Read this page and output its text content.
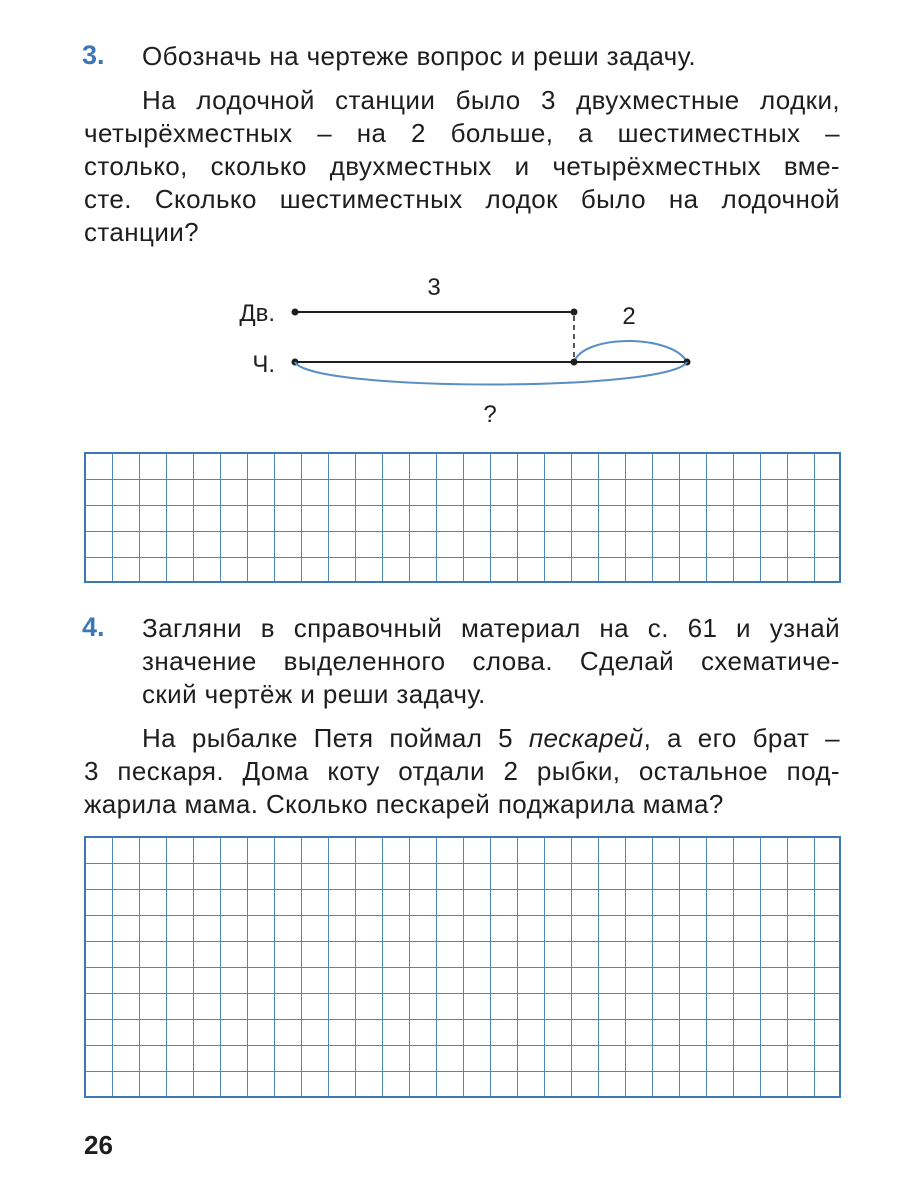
3.	Обозначь на чертеже вопрос и реши задачу.
На лодочной станции было 3 двухместные лодки,
четырёхместных – на 2 больше, а шестиместных –
столько, сколько двухместных и четырёхместных вме-
сте. Сколько шестиместных лодок было на лодочной
станции?
3
Дв.	2
Ч.
?
4.	Загляни в справочный материал на с. 61 и узнай
значение выделенного слова. Сделай схематиче-
ский чертёж и реши задачу.
На рыбалке Петя поймал 5 пескарей, а его брат –
3 пескаря. Дома коту отдали 2 рыбки, остальное под-
жарила мама. Сколько пескарей поджарила мама?
26
